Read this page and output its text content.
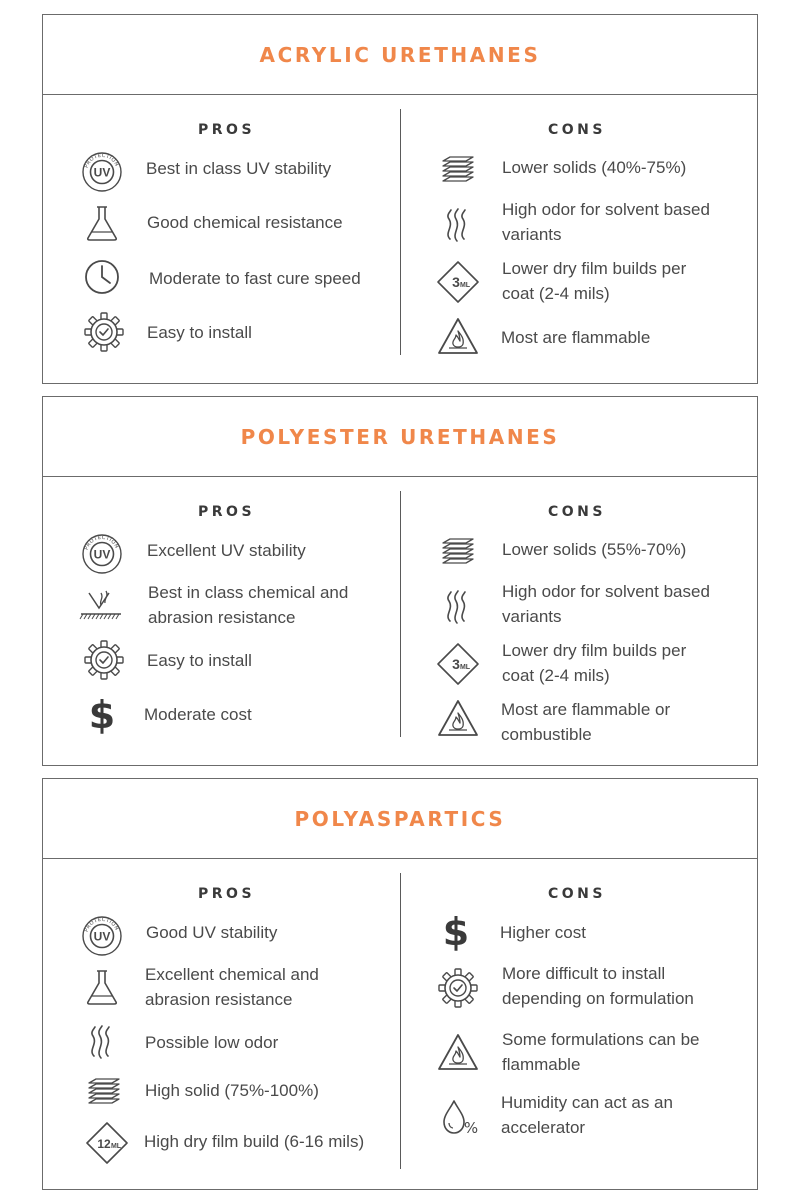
ACRYLIC URETHANES
PROS	CONS
PROTECTION
UV Best in class UV stability
Good chemical resistance
Moderate to fast cure speed
Easy to install
Lower solids (40%-75%)
High odor for solvent based
variants
3 ML
Lower dry film builds per
coat (2-4 mils)
Most are flammable
POLYESTER URETHANES
PROS	CONS
PROTECTION
UV Excellent UV stability
Best in class chemical and
abrasion resistance
Easy to install
$ Moderate cost
Lower solids (55%-70%)
High odor for solvent based
variants
3 ML
Lower dry film builds per
coat (2-4 mils)
Most are flammable or
combustible
POLYASPARTICS
PROS	CONS
PROTECTION
UV Good UV stability
Excellent chemical and
abrasion resistance
Possible low odor
High solid (75%-100%)
12 ML High dry film build (6-16 mils)
$ Higher cost
More difficult to install
depending on formulation
Some formulations can be
flammable
%
Humidity can act as an
accelerator
